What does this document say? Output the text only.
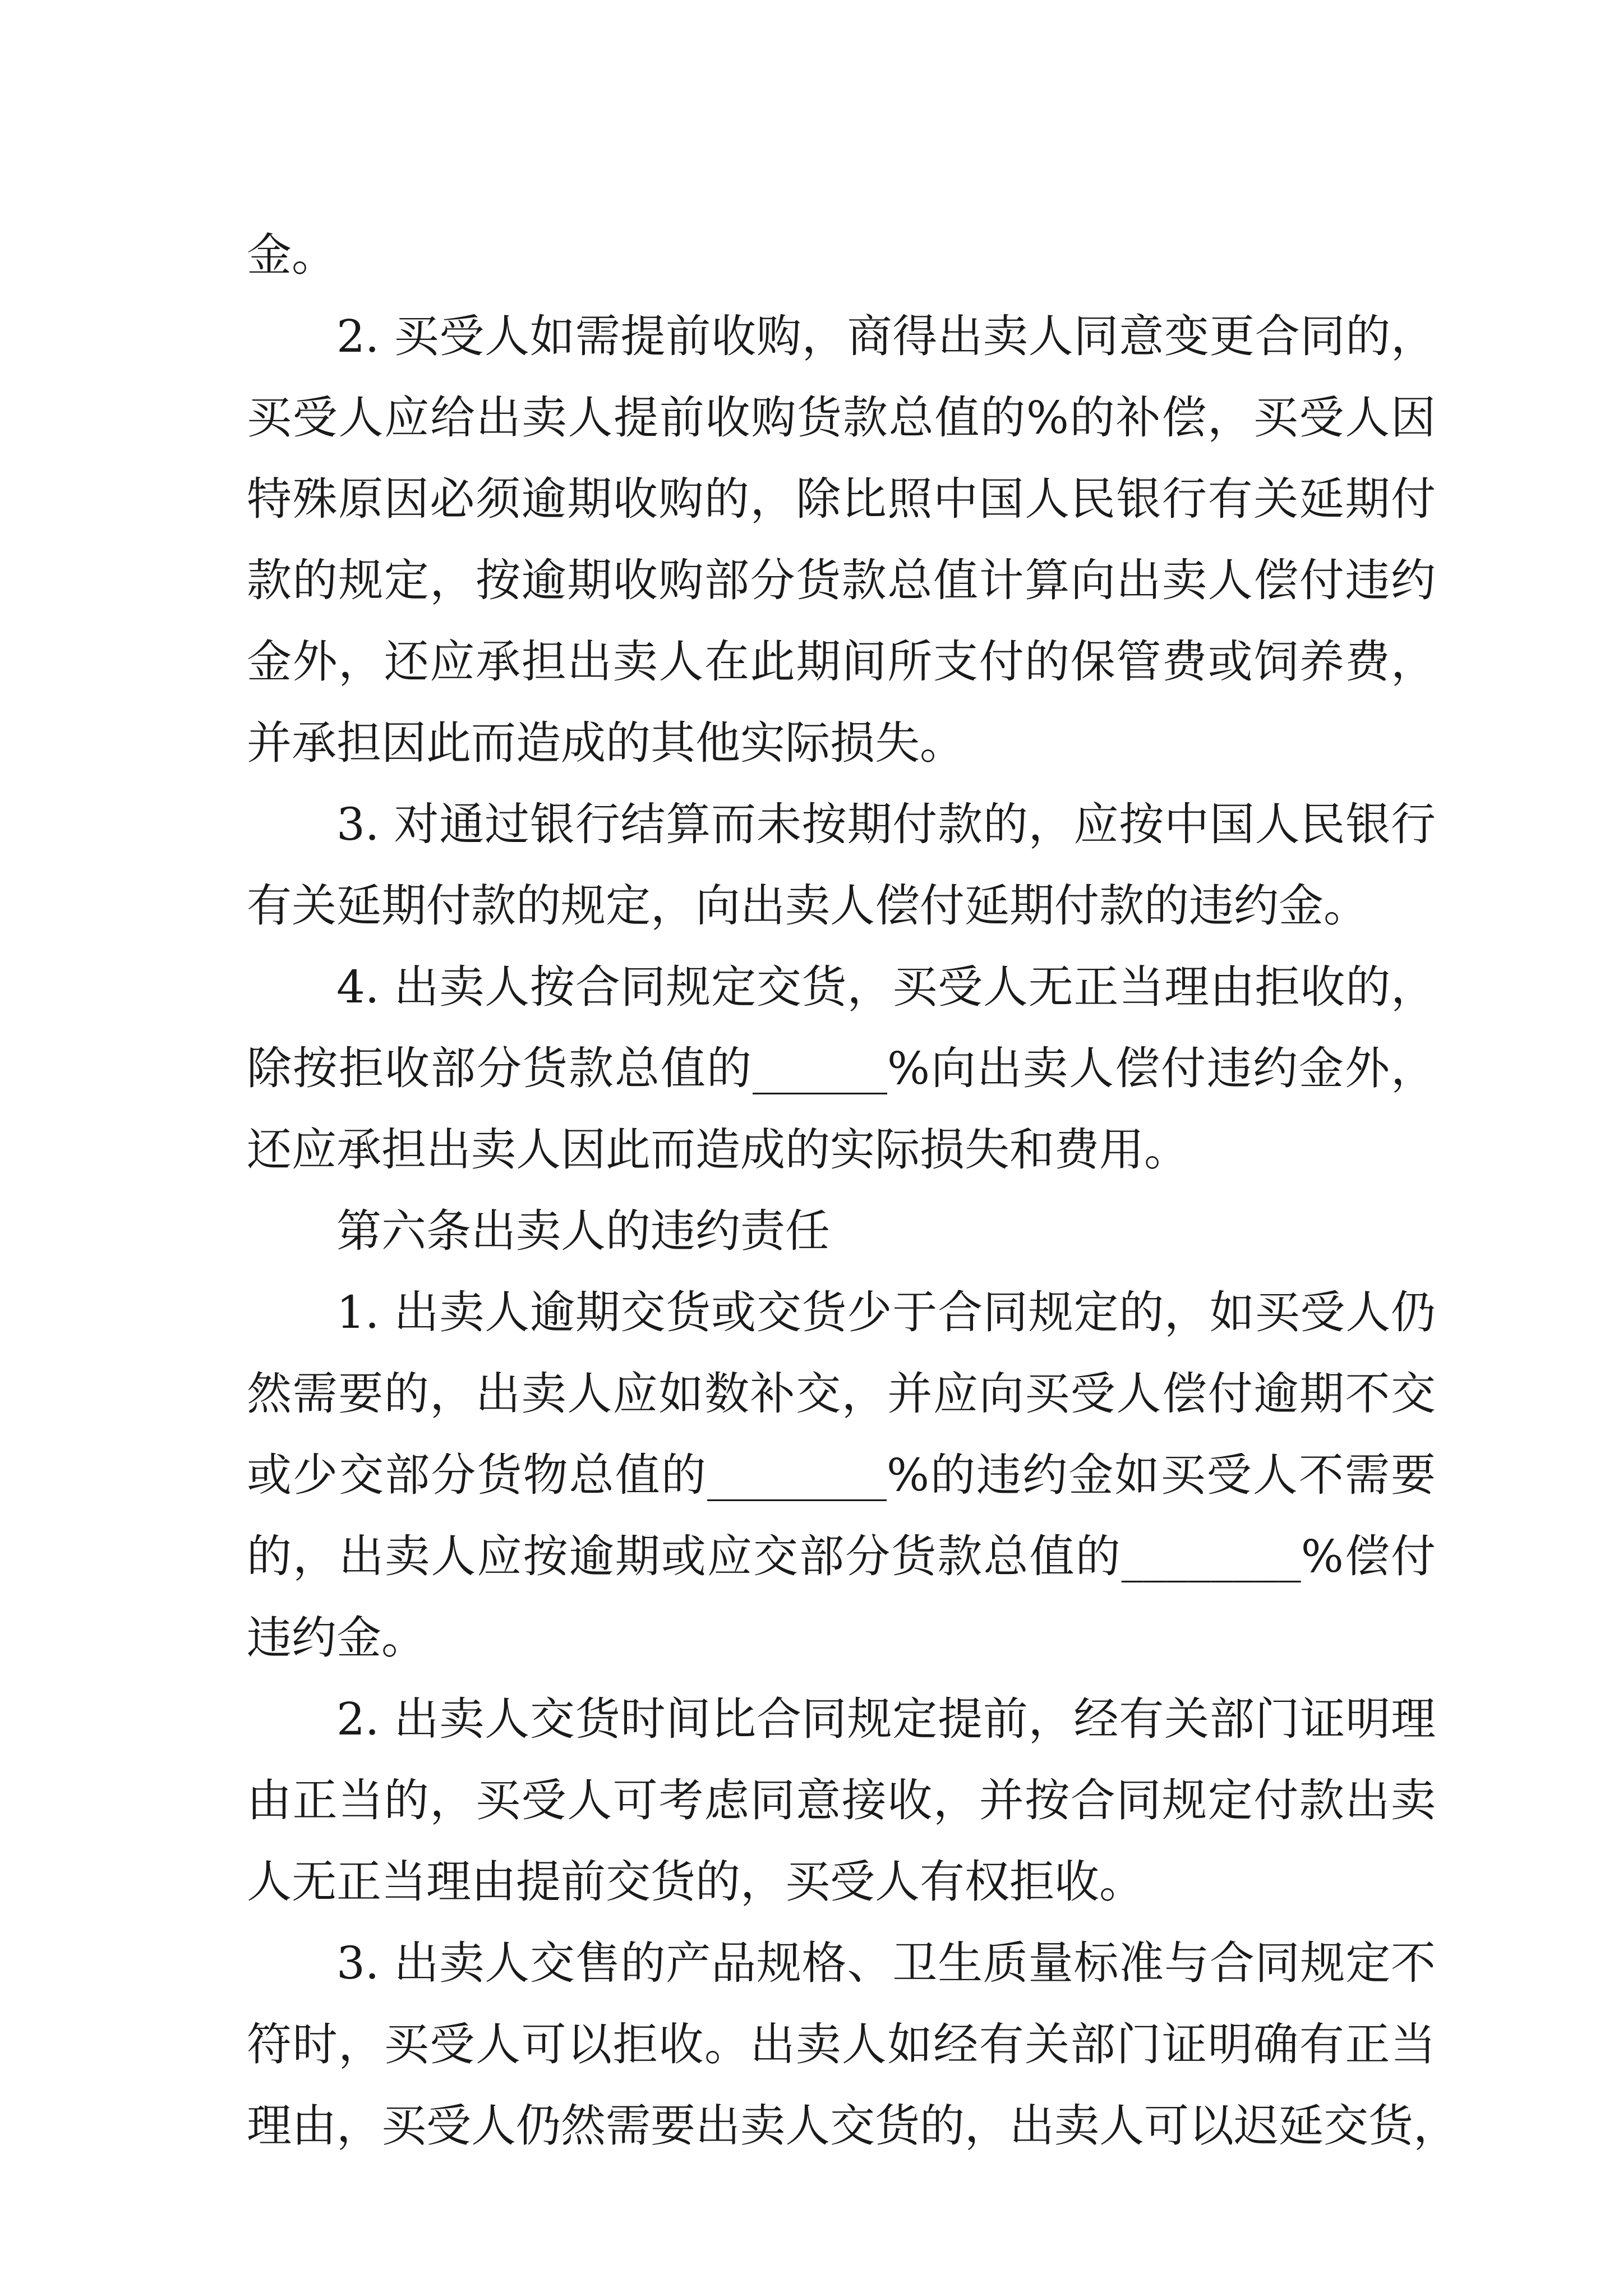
金。
2. 买受人如需提前收购，商得出卖人同意变更合同的，
买受人应给出卖人提前收购货款总值的%的补偿，买受人因
特殊原因必须逾期收购的，除比照中国人民银行有关延期付
款的规定，按逾期收购部分货款总值计算向出卖人偿付违约
金外，还应承担出卖人在此期间所支付的保管费或饲养费，
并承担因此而造成的其他实际损失。
3. 对通过银行结算而未按期付款的，应按中国人民银行
有关延期付款的规定，向出卖人偿付延期付款的违约金。
4. 出卖人按合同规定交货，买受人无正当理由拒收的，
除按拒收部分货款总值的______%向出卖人偿付违约金外，
还应承担出卖人因此而造成的实际损失和费用。
第六条出卖人的违约责任
1. 出卖人逾期交货或交货少于合同规定的，如买受人仍
然需要的，出卖人应如数补交，并应向买受人偿付逾期不交
或少交部分货物总值的________%的违约金如买受人不需要
的，出卖人应按逾期或应交部分货款总值的________%偿付
违约金。
2. 出卖人交货时间比合同规定提前，经有关部门证明理
由正当的，买受人可考虑同意接收，并按合同规定付款出卖
人无正当理由提前交货的，买受人有权拒收。
3. 出卖人交售的产品规格、卫生质量标准与合同规定不
符时，买受人可以拒收。出卖人如经有关部门证明确有正当
理由，买受人仍然需要出卖人交货的，出卖人可以迟延交货，
